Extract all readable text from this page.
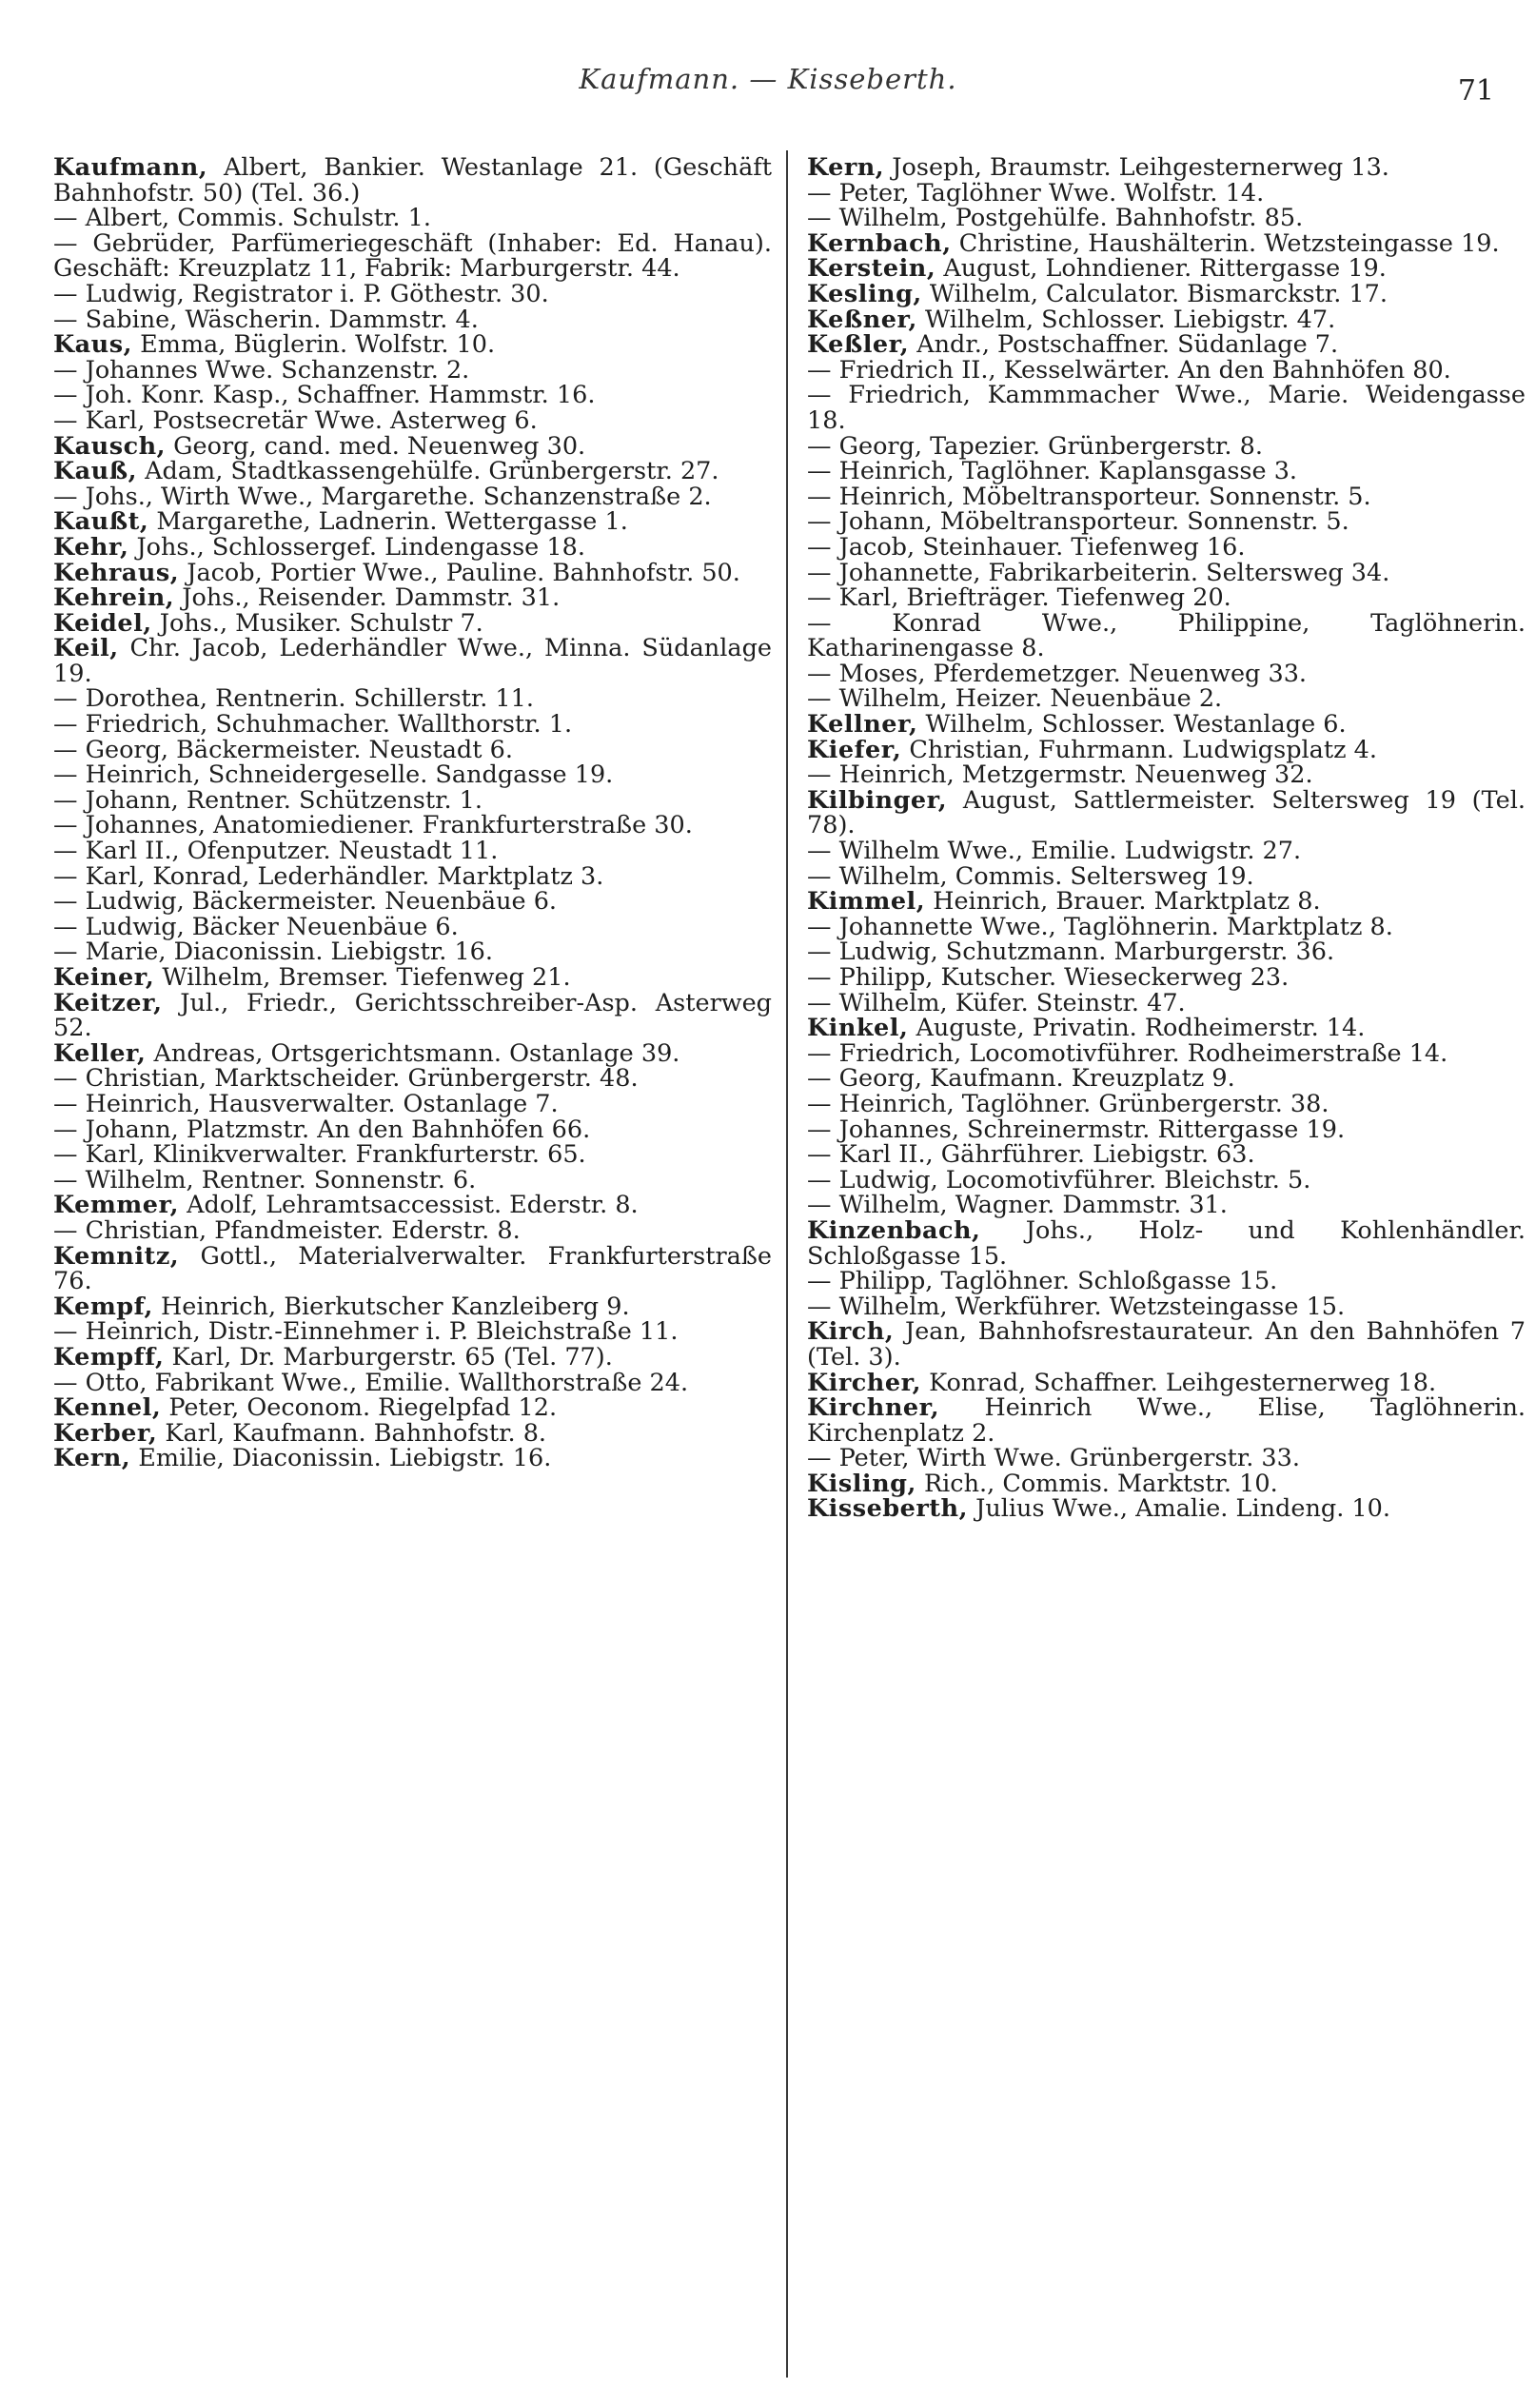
Kaufmann. — Kisseberth.	71
Kaufmann, Albert, Bankier. Westanlage 21. (Geschäft Bahnhofstr. 50) (Tel. 36.)
— Albert, Commis. Schulstr. 1.
— Gebrüder, Parfümeriegeschäft (Inhaber: Ed. Hanau). Geschäft: Kreuzplatz 11, Fabrik: Marburgerstr. 44.
— Ludwig, Registrator i. P. Göthestr. 30.
— Sabine, Wäscherin. Dammstr. 4.
Kaus, Emma, Büglerin. Wolfstr. 10.
— Johannes Wwe. Schanzenstr. 2.
— Joh. Konr. Kasp., Schaffner. Hammstr. 16.
— Karl, Postsecretär Wwe. Asterweg 6.
Kausch, Georg, cand. med. Neuenweg 30.
Kauß, Adam, Stadtkassengehülfe. Grünbergerstr. 27.
— Johs., Wirth Wwe., Margarethe. Schanzenstraße 2.
Kaußt, Margarethe, Ladnerin. Wettergasse 1.
Kehr, Johs., Schlossergef. Lindengasse 18.
Kehraus, Jacob, Portier Wwe., Pauline. Bahnhofstr. 50.
Kehrein, Johs., Reisender. Dammstr. 31.
Keidel, Johs., Musiker. Schulstr 7.
Keil, Chr. Jacob, Lederhändler Wwe., Minna. Südanlage 19.
— Dorothea, Rentnerin. Schillerstr. 11.
— Friedrich, Schuhmacher. Wallthorstr. 1.
— Georg, Bäckermeister. Neustadt 6.
— Heinrich, Schneidergeselle. Sandgasse 19.
— Johann, Rentner. Schützenstr. 1.
— Johannes, Anatomiediener. Frankfurterstraße 30.
— Karl II., Ofenputzer. Neustadt 11.
— Karl, Konrad, Lederhändler. Marktplatz 3.
— Ludwig, Bäckermeister. Neuenbäue 6.
— Ludwig, Bäcker Neuenbäue 6.
— Marie, Diaconissin. Liebigstr. 16.
Keiner, Wilhelm, Bremser. Tiefenweg 21.
Keitzer, Jul., Friedr., Gerichtsschreiber-Asp. Asterweg 52.
Keller, Andreas, Ortsgerichtsmann. Ostanlage 39.
— Christian, Marktscheider. Grünbergerstr. 48.
— Heinrich, Hausverwalter. Ostanlage 7.
— Johann, Platzmstr. An den Bahnhöfen 66.
— Karl, Klinikverwalter. Frankfurterstr. 65.
— Wilhelm, Rentner. Sonnenstr. 6.
Kemmer, Adolf, Lehramtsaccessist. Ederstr. 8.
— Christian, Pfandmeister. Ederstr. 8.
Kemnitz, Gottl., Materialverwalter. Frankfurterstraße 76.
Kempf, Heinrich, Bierkutscher Kanzleiberg 9.
— Heinrich, Distr.-Einnehmer i. P. Bleichstraße 11.
Kempff, Karl, Dr. Marburgerstr. 65 (Tel. 77).
— Otto, Fabrikant Wwe., Emilie. Wallthorstraße 24.
Kennel, Peter, Oeconom. Riegelpfad 12.
Kerber, Karl, Kaufmann. Bahnhofstr. 8.
Kern, Emilie, Diaconissin. Liebigstr. 16.
Kern, Joseph, Braumstr. Leihgesternerweg 13.
— Peter, Taglöhner Wwe. Wolfstr. 14.
— Wilhelm, Postgehülfe. Bahnhofstr. 85.
Kernbach, Christine, Haushälterin. Wetzsteingasse 19.
Kerstein, August, Lohndiener. Rittergasse 19.
Kesling, Wilhelm, Calculator. Bismarckstr. 17.
Keßner, Wilhelm, Schlosser. Liebigstr. 47.
Keßler, Andr., Postschaffner. Südanlage 7.
— Friedrich II., Kesselwärter. An den Bahnhöfen 80.
— Friedrich, Kammmacher Wwe., Marie. Weidengasse 18.
— Georg, Tapezier. Grünbergerstr. 8.
— Heinrich, Taglöhner. Kaplansgasse 3.
— Heinrich, Möbeltransporteur. Sonnenstr. 5.
— Johann, Möbeltransporteur. Sonnenstr. 5.
— Jacob, Steinhauer. Tiefenweg 16.
— Johannette, Fabrikarbeiterin. Seltersweg 34.
— Karl, Briefträger. Tiefenweg 20.
— Konrad Wwe., Philippine, Taglöhnerin. Katharinengasse 8.
— Moses, Pferdemetzger. Neuenweg 33.
— Wilhelm, Heizer. Neuenbäue 2.
Kellner, Wilhelm, Schlosser. Westanlage 6.
Kiefer, Christian, Fuhrmann. Ludwigsplatz 4.
— Heinrich, Metzgermstr. Neuenweg 32.
Kilbinger, August, Sattlermeister. Seltersweg 19 (Tel. 78).
— Wilhelm Wwe., Emilie. Ludwigstr. 27.
— Wilhelm, Commis. Seltersweg 19.
Kimmel, Heinrich, Brauer. Marktplatz 8.
— Johannette Wwe., Taglöhnerin. Marktplatz 8.
— Ludwig, Schutzmann. Marburgerstr. 36.
— Philipp, Kutscher. Wieseckerweg 23.
— Wilhelm, Küfer. Steinstr. 47.
Kinkel, Auguste, Privatin. Rodheimerstr. 14.
— Friedrich, Locomotivführer. Rodheimerstraße 14.
— Georg, Kaufmann. Kreuzplatz 9.
— Heinrich, Taglöhner. Grünbergerstr. 38.
— Johannes, Schreinermstr. Rittergasse 19.
— Karl II., Gährführer. Liebigstr. 63.
— Ludwig, Locomotivführer. Bleichstr. 5.
— Wilhelm, Wagner. Dammstr. 31.
Kinzenbach, Johs., Holz- und Kohlenhändler. Schloßgasse 15.
— Philipp, Taglöhner. Schloßgasse 15.
— Wilhelm, Werkführer. Wetzsteingasse 15.
Kirch, Jean, Bahnhofsrestaurateur. An den Bahnhöfen 7 (Tel. 3).
Kircher, Konrad, Schaffner. Leihgesternerweg 18.
Kirchner, Heinrich Wwe., Elise, Taglöhnerin. Kirchenplatz 2.
— Peter, Wirth Wwe. Grünbergerstr. 33.
Kisling, Rich., Commis. Marktstr. 10.
Kisseberth, Julius Wwe., Amalie. Lindeng. 10.
